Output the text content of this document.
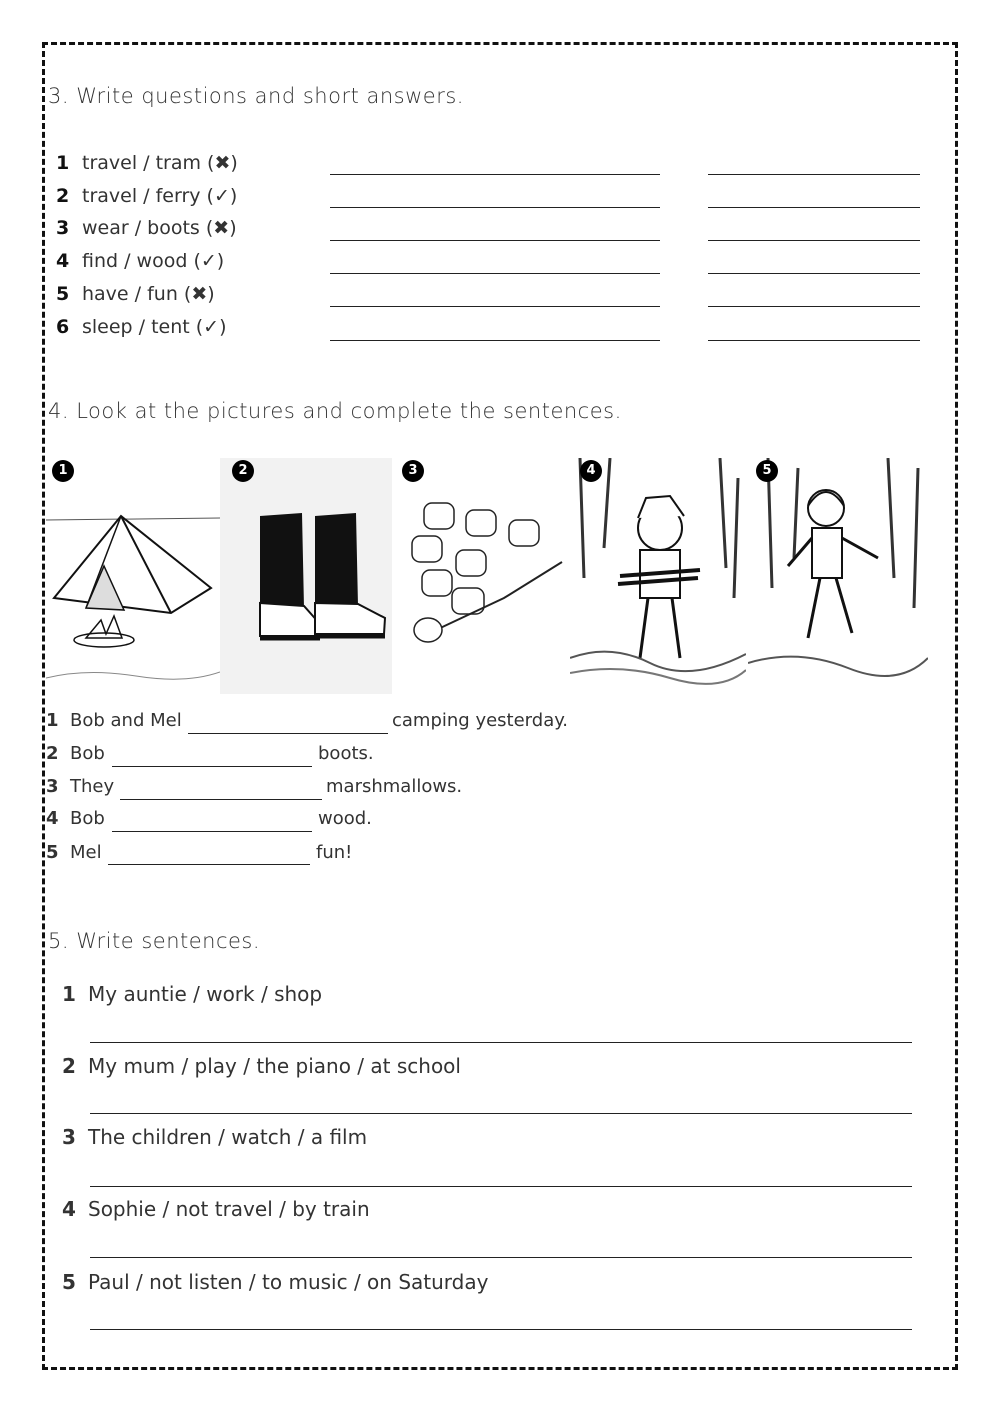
3. Write questions and short answers.
1 travel / tram (✖)
2 travel / ferry (✓)
3 wear / boots (✖)
4 find / wood (✓)
5 have / fun (✖)
6 sleep / tent (✓)
4. Look at the pictures and complete the sentences.
1	2	3	4	5
1 Bob and Mel	camping yesterday.
2 Bob	boots.
3 They	marshmallows.
4 Bob	wood.
5 Mel	fun!
5. Write sentences.
1 My auntie / work / shop
2 My mum / play / the piano / at school
3 The children / watch / a film
4 Sophie / not travel / by train
5 Paul / not listen / to music / on Saturday
